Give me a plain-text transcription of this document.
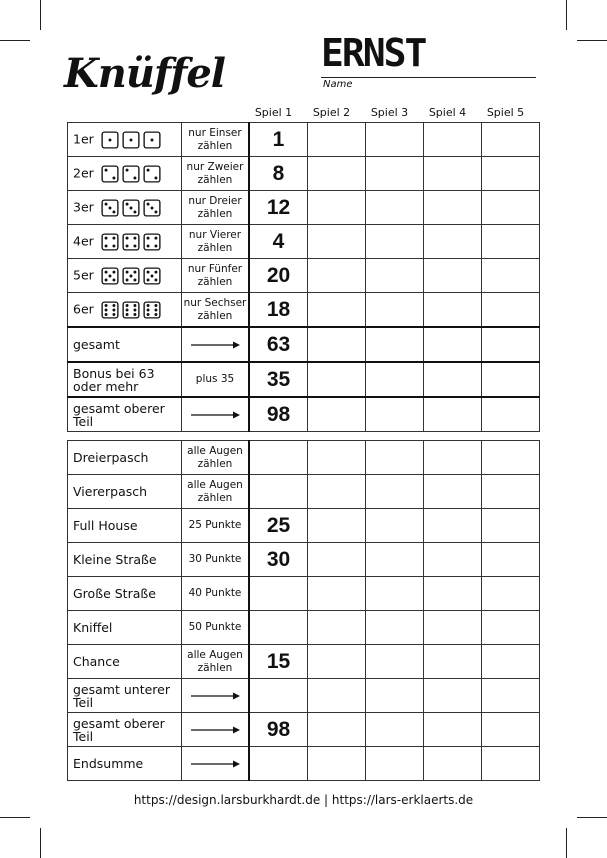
Knüffel	ERNST
Name
Spiel 1	Spiel 2	Spiel 3	Spiel 4	Spiel 5
1er	nur Einser zählen	1				
2er	nur Zweier zählen	8				
3er	nur Dreier zählen	12				
4er	nur Vierer zählen	4				
5er	nur Fünfer zählen	20				
6er	nur Sechser zählen	18				
gesamt		63				
Bonus bei 63 oder mehr	plus 35	35				
gesamt oberer Teil		98				
Dreierpasch	alle Augen zählen					
Viererpasch	alle Augen zählen					
Full House	25 Punkte	25				
Kleine Straße	30 Punkte	30				
Große Straße	40 Punkte					
Kniffel	50 Punkte					
Chance	alle Augen zählen	15				
gesamt unterer Teil	

gesamt oberer Teil		98				
Endsumme	

https://design.larsburkhardt.de | https://lars-erklaerts.de
